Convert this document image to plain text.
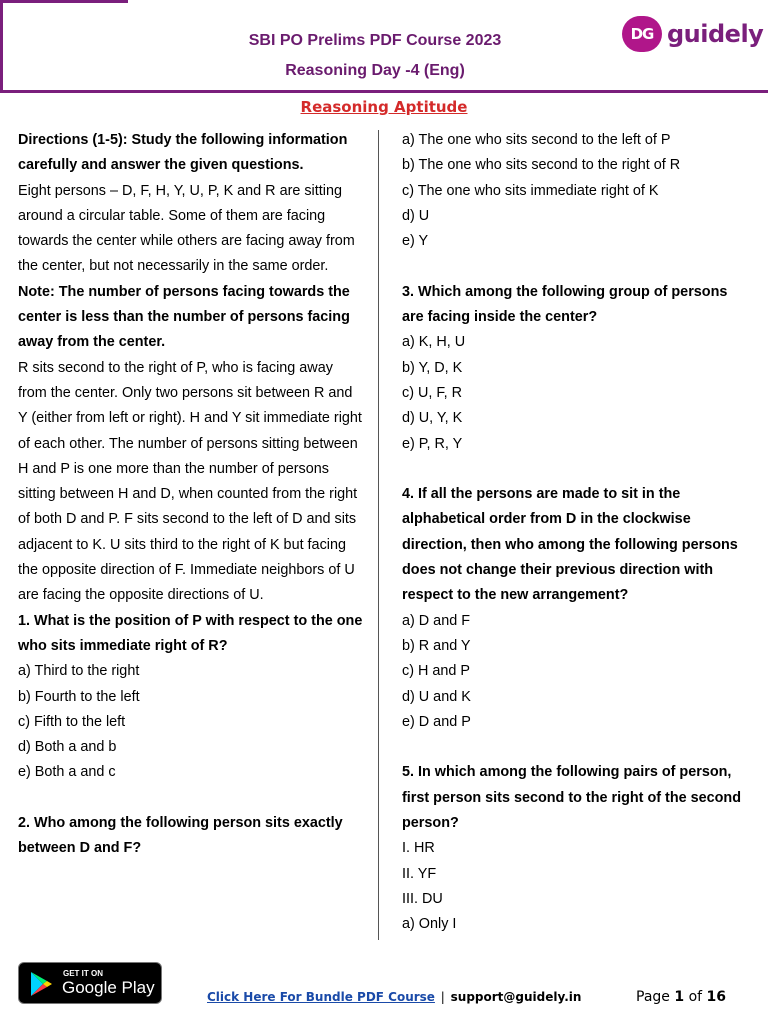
SBI PO Prelims PDF Course 2023
Reasoning Day -4 (Eng)
DG guidely
Reasoning Aptitude

Directions (1-5): Study the following information carefully and answer the given questions.

Eight persons – D, F, H, Y, U, P, K and R are sitting around a circular table. Some of them are facing towards the center while others are facing away from the center, but not necessarily in the same order.

Note: The number of persons facing towards the center is less than the number of persons facing away from the center.

R sits second to the right of P, who is facing away from the center. Only two persons sit between R and Y (either from left or right). H and Y sit immediate right of each other. The number of persons sitting between H and P is one more than the number of persons sitting between H and D, when counted from the right of both D and P. F sits second to the left of D and sits adjacent to K. U sits third to the right of K but facing the opposite direction of F. Immediate neighbors of U are facing the opposite directions of U.

1. What is the position of P with respect to the one who sits immediate right of R?

a) Third to the right

b) Fourth to the left

c) Fifth to the left

d) Both a and b

e) Both a and c

2. Who among the following person sits exactly between D and F?

a) The one who sits second to the left of P

b) The one who sits second to the right of R

c) The one who sits immediate right of K

d) U

e) Y

3. Which among the following group of persons are facing inside the center?

a) K, H, U

b) Y, D, K

c) U, F, R

d) U, Y, K

e) P, R, Y

4. If all the persons are made to sit in the alphabetical order from D in the clockwise direction, then who among the following persons does not change their previous direction with respect to the new arrangement?

a) D and F

b) R and Y

c) H and P

d) U and K

e) D and P

5. In which among the following pairs of person, first person sits second to the right of the second person?

I. HR

II. YF

III. DU

a) Only I

GET IT ON
Google Play	Click Here For Bundle PDF Course | support@guidely.in	Page 1 of 16
